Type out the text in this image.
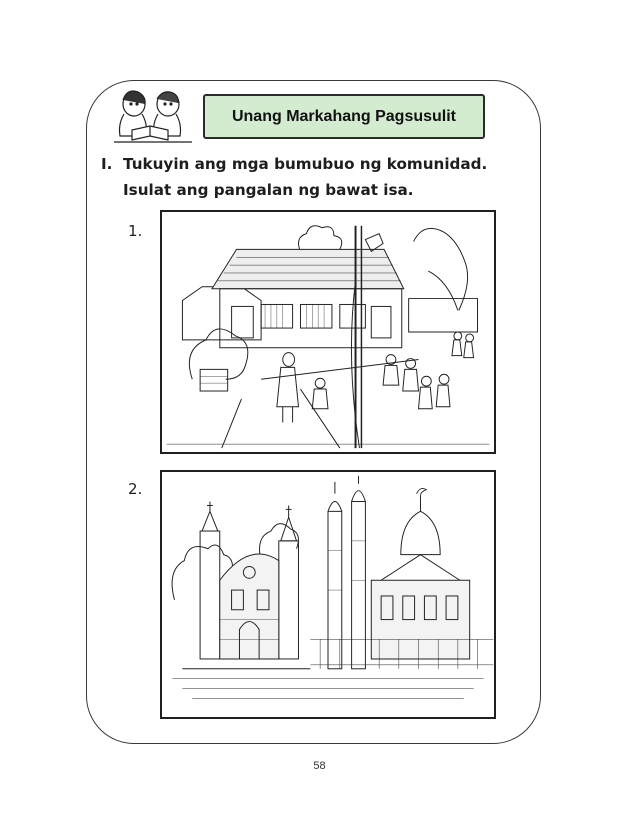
Unang Markahang Pagsusulit
I. Tukuyin ang mga bumubuo ng komunidad.
Isulat ang pangalan ng bawat isa.
1.
2.
58
